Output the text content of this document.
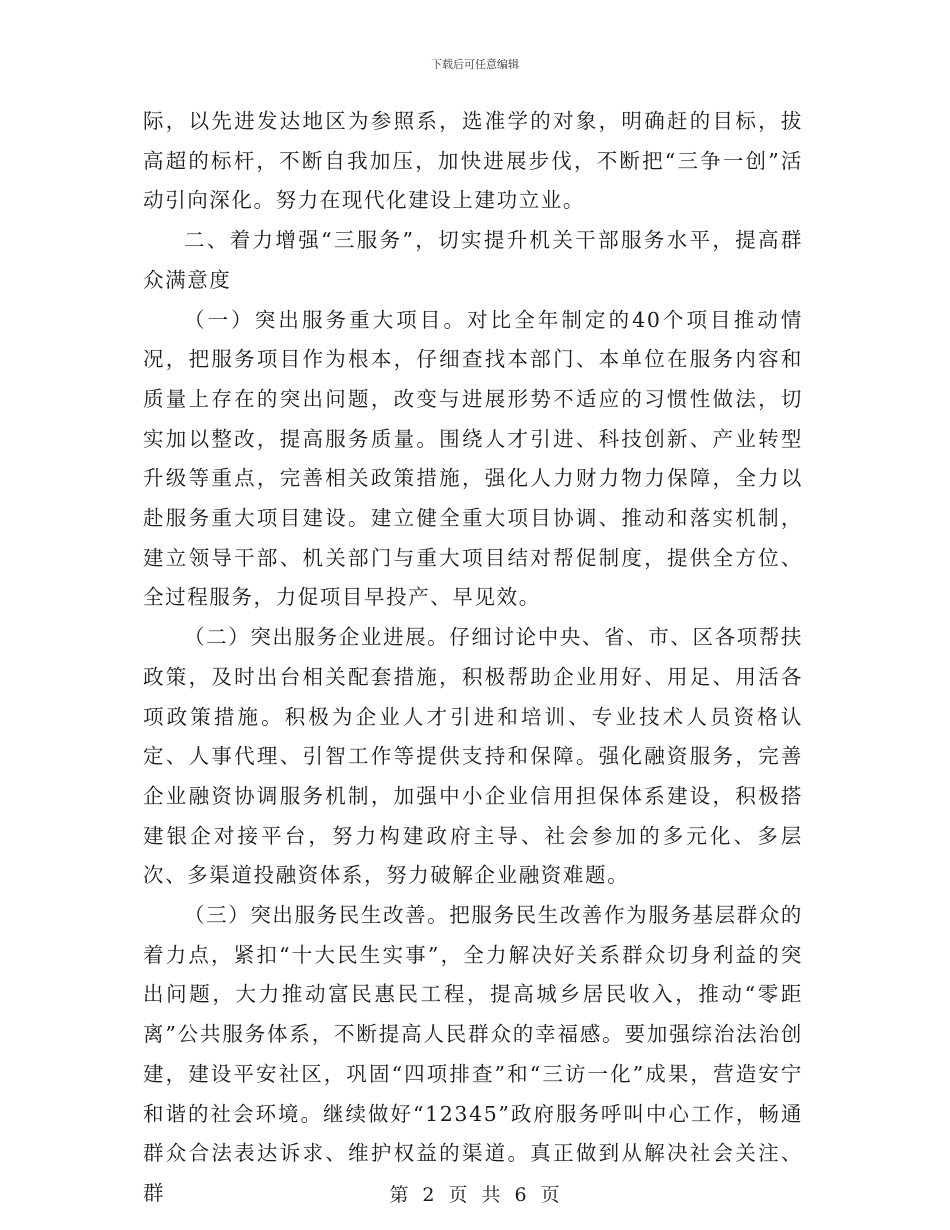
下载后可任意编辑

际，以先进发达地区为参照系，选准学的对象，明确赶的目标，拔高超的标杆，不断自我加压，加快进展步伐，不断把“三争一创”活动引向深化。努力在现代化建设上建功立业。

二、着力增强“三服务”，切实提升机关干部服务水平，提高群众满意度

（一）突出服务重大项目。对比全年制定的40个项目推动情况，把服务项目作为根本，仔细查找本部门、本单位在服务内容和质量上存在的突出问题，改变与进展形势不适应的习惯性做法，切实加以整改，提高服务质量。围绕人才引进、科技创新、产业转型升级等重点，完善相关政策措施，强化人力财力物力保障，全力以赴服务重大项目建设。建立健全重大项目协调、推动和落实机制，建立领导干部、机关部门与重大项目结对帮促制度，提供全方位、全过程服务，力促项目早投产、早见效。

（二）突出服务企业进展。仔细讨论中央、省、市、区各项帮扶政策，及时出台相关配套措施，积极帮助企业用好、用足、用活各项政策措施。积极为企业人才引进和培训、专业技术人员资格认定、人事代理、引智工作等提供支持和保障。强化融资服务，完善企业融资协调服务机制，加强中小企业信用担保体系建设，积极搭建银企对接平台，努力构建政府主导、社会参加的多元化、多层次、多渠道投融资体系，努力破解企业融资难题。

（三）突出服务民生改善。把服务民生改善作为服务基层群众的着力点，紧扣“十大民生实事”，全力解决好关系群众切身利益的突出问题，大力推动富民惠民工程，提高城乡居民收入，推动“零距离”公共服务体系，不断提高人民群众的幸福感。要加强综治法治创建，建设平安社区，巩固“四项排查”和“三访一化”成果，营造安宁和谐的社会环境。继续做好“12345”政府服务呼叫中心工作，畅通群众合法表达诉求、维护权益的渠道。真正做到从解决社会关注、群	第 2 页 共 6 页
